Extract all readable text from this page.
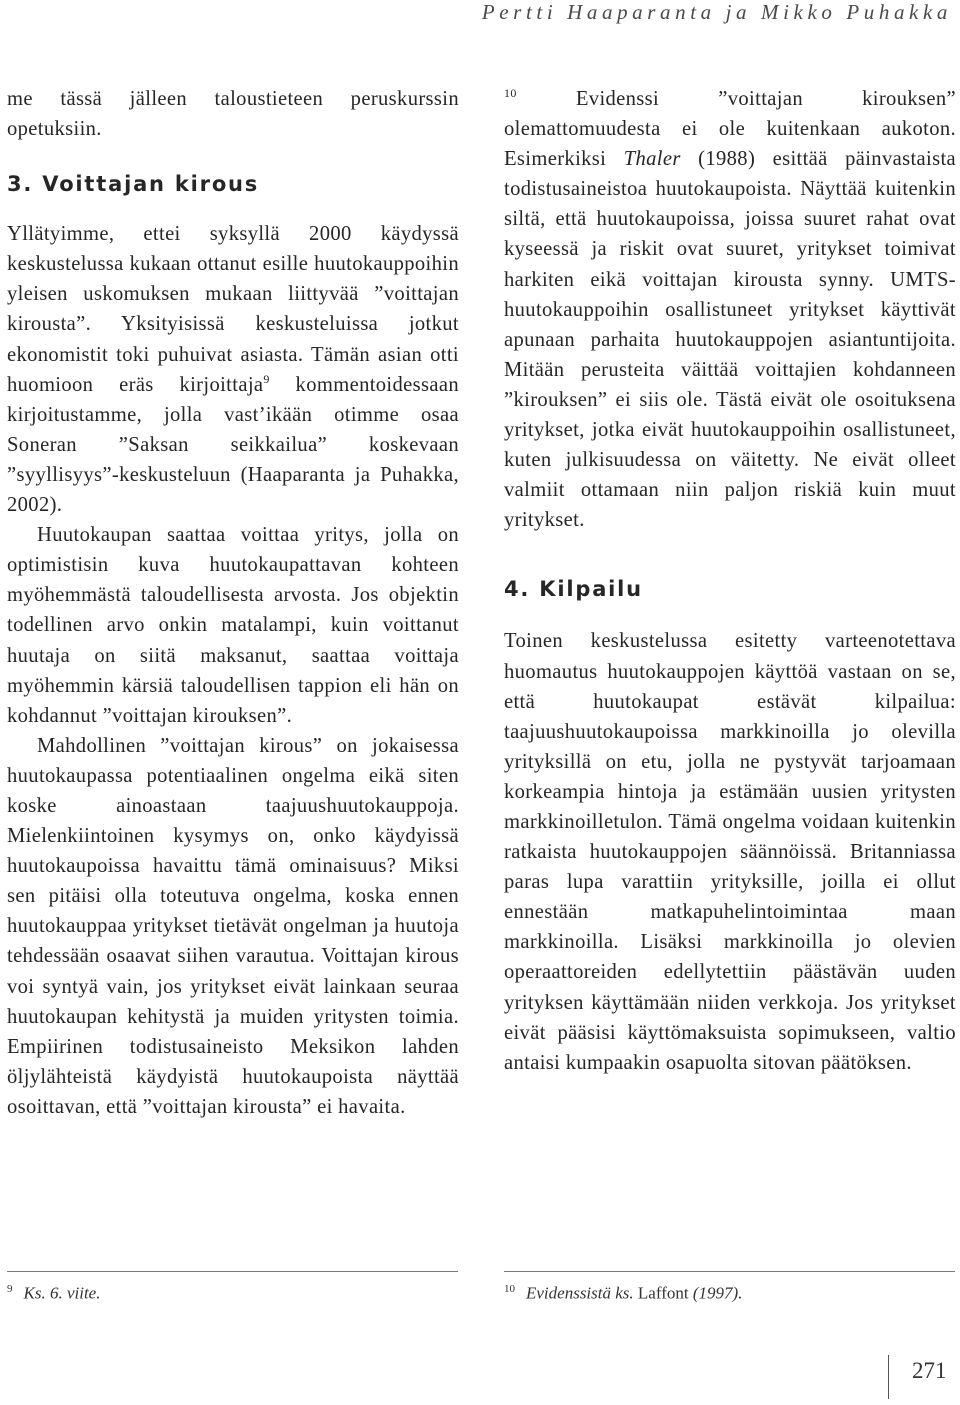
Pertti Haaparanta ja Mikko Puhakka

me tässä jälleen taloustieteen peruskurssin opetuksiin.

3. Voittajan kirous

Yllätyimme, ettei syksyllä 2000 käydyssä keskustelussa kukaan ottanut esille huutokauppoihin yleisen uskomuksen mukaan liittyvää ”voittajan kirousta”. Yksityisissä keskusteluissa jotkut ekonomistit toki puhuivat asiasta. Tämän asian otti huomioon eräs kirjoittaja$^9$ kommentoidessaan kirjoitustamme, jolla vast’ikään otimme osaa Soneran ”Saksan seikkailua” koskevaan ”syyllisyys”-keskusteluun (Haaparanta ja Puhakka, 2002).

Huutokaupan saattaa voittaa yritys, jolla on optimistisin kuva huutokaupattavan kohteen myöhemmästä taloudellisesta arvosta. Jos objektin todellinen arvo onkin matalampi, kuin voittanut huutaja on siitä maksanut, saattaa voittaja myöhemmin kärsiä taloudellisen tappion eli hän on kohdannut ”voittajan kirouksen”.

Mahdollinen ”voittajan kirous” on jokaisessa huutokaupassa potentiaalinen ongelma eikä siten koske ainoastaan taajuushuutokauppoja. Mielenkiintoinen kysymys on, onko käydyissä huutokaupoissa havaittu tämä ominaisuus? Miksi sen pitäisi olla toteutuva ongelma, koska ennen huutokauppaa yritykset tietävät ongelman ja huutoja tehdessään osaavat siihen varautua. Voittajan kirous voi syntyä vain, jos yritykset eivät lainkaan seuraa huutokaupan kehitystä ja muiden yritysten toimia. Empiirinen todistusaineisto Meksikon lahden öljylähteistä käydyistä huutokaupoista näyttää osoittavan, että ”voittajan kirousta” ei havaita.

$^{10}$ Evidenssi ”voittajan kirouksen” olemattomuudesta ei ole kuitenkaan aukoton. Esimerkiksi Thaler (1988) esittää päinvastaista todistusaineistoa huutokaupoista. Näyttää kuitenkin siltä, että huutokaupoissa, joissa suuret rahat ovat kyseessä ja riskit ovat suuret, yritykset toimivat harkiten eikä voittajan kirousta synny. UMTS-huutokauppoihin osallistuneet yritykset käyttivät apunaan parhaita huutokauppojen asiantuntijoita. Mitään perusteita väittää voittajien kohdanneen ”kirouksen” ei siis ole. Tästä eivät ole osoituksena yritykset, jotka eivät huutokauppoihin osallistuneet, kuten julkisuudessa on väitetty. Ne eivät olleet valmiit ottamaan niin paljon riskiä kuin muut yritykset.

4. Kilpailu

Toinen keskustelussa esitetty varteenotettava huomautus huutokauppojen käyttöä vastaan on se, että huutokaupat estävät kilpailua: taajuushuutokaupoissa markkinoilla jo olevilla yrityksillä on etu, jolla ne pystyvät tarjoamaan korkeampia hintoja ja estämään uusien yritysten markkinoilletulon. Tämä ongelma voidaan kuitenkin ratkaista huutokauppojen säännöissä. Britanniassa paras lupa varattiin yrityksille, joilla ei ollut ennestään matkapuhelintoimintaa maan markkinoilla. Lisäksi markkinoilla jo olevien operaattoreiden edellytettiin päästävän uuden yrityksen käyttämään niiden verkkoja. Jos yritykset eivät pääsisi käyttömaksuista sopimukseen, valtio antaisi kumpaakin osapuolta sitovan päätöksen.

$^9$ Ks. 6. viite.	$^{10}$ Evidenssistä ks. Laffont (1997).
271
